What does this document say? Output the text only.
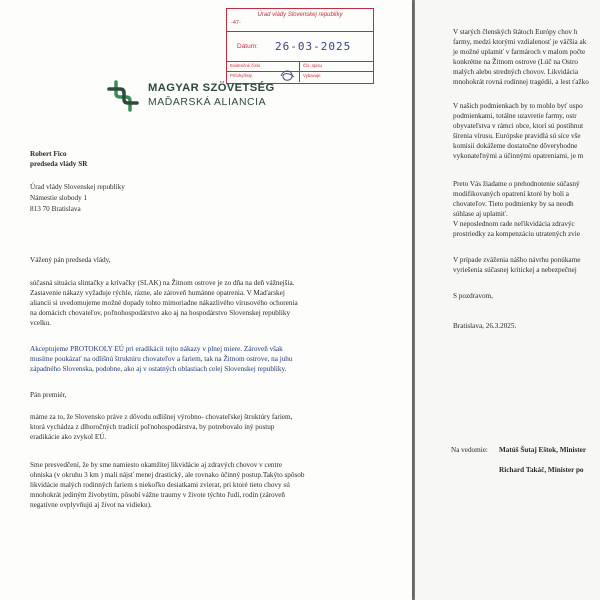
Úrad vlády Slovenskej republiky
-47-
Dátum: 26-03-2025
Evidenčné číslo	Čís. spisu
Prílohy/listy	Vybavuje
MAGYAR SZÖVETSÉG
MAĎARSKÁ ALIANCIA
Robert Fico
predseda vlády SR
Úrad vlády Slovenskej republiky
Námestie slobody 1
813 70 Bratislava
Vážený pán predseda vlády,
súčasná situácia slintačky a krívačky (SLAK) na Žitnom ostrove je zo dňa na deň vážnejšia.
Zastavenie nákazy vyžaduje rýchle, rázne, ale zároveň humánne opatrenia. V Maďarskej
aliancii si uvedomujeme možné dopady tohto mimoriadne nákazlivého vírusového ochorenia
na domácich chovateľov, poľnohospodárstvo ako aj na hospodárstvo Slovenskej republiky
vcelku.
Akceptujeme PROTOKOLY EÚ pri eradikácii tejto nákazy v plnej miere. Zároveň však
musíme poukázať na odlišnú štruktúru chovateľov a fariem, tak na Žitnom ostrove, na juhu
západného Slovenska, podobne, ako aj v ostatných oblastiach celej Slovenskej republiky.
Pán premiér,
máme za to, že Slovensko práve z dôvodu odlišnej výrobno- chovateľskej štruktúry fariem,
ktorá vychádza z dlhoročných tradícií poľnohospodárstva, by potrebovalo iný postup
eradikácie ako zvykol EÚ.
Sme presvedčení, že by sme namiesto okamžitej likvidácie aj zdravých chovov v centre
ohniska (v okruhu 3 km ) mali nájsť menej drastický, ale rovnako účinný postup.Takýto spôsob
likvidácie malých rodinných fariem s niekoľko desiatkami zvierat, pri ktoré tieto chovy sú
mnohokrát jediným živobytím, pôsobí vážne traumy v živote týchto ľudí, rodín (zároveň
negatívne ovplyvňujú aj život na vidieku).
V starých členských štátoch Európy chov h
farmy, medzi ktorými vzdialenosť je väčšia ak
je možné uplatniť v farmároch v malom počte
konkrétne na Žitnom ostrove (Lúč na Ostro
malých alebo stredných chovov. Likvidácia
mnohokrát rovná rodinnej tragédii, a lest ťažko
V našich podmienkach by to mohlo byť uspo
podmienkami, totálne uzavretie farmy, ostr
obyvateľstva v rámci obce, ktorí sú postihnut
šírenia vírusu. Európske pravidlá sú síce vše
komisii dokážeme dostatočne dôveryhodne
vykonateľnými a účinnými opatreniami, je m
Preto Vás žiadame o prehodnotenie súčasný
modifikovaných opatrení ktoré by boli a
chovateľov. Tieto podmienky by sa neodh
súhlase aj uplatniť.
V neposlednom rade neľikvidácia zdravýc
prostriedky za kompenzáciu utratených zvie
V prípade zváženia nášho návrhu ponúkame
vyriešenia súčasnej kritickej a nebezpečnej
S pozdravom,
Bratislava, 26.3.2025.
Na vedomie: Matúš Šutaj Eštok, Minister
Richard Takáč, Minister po
